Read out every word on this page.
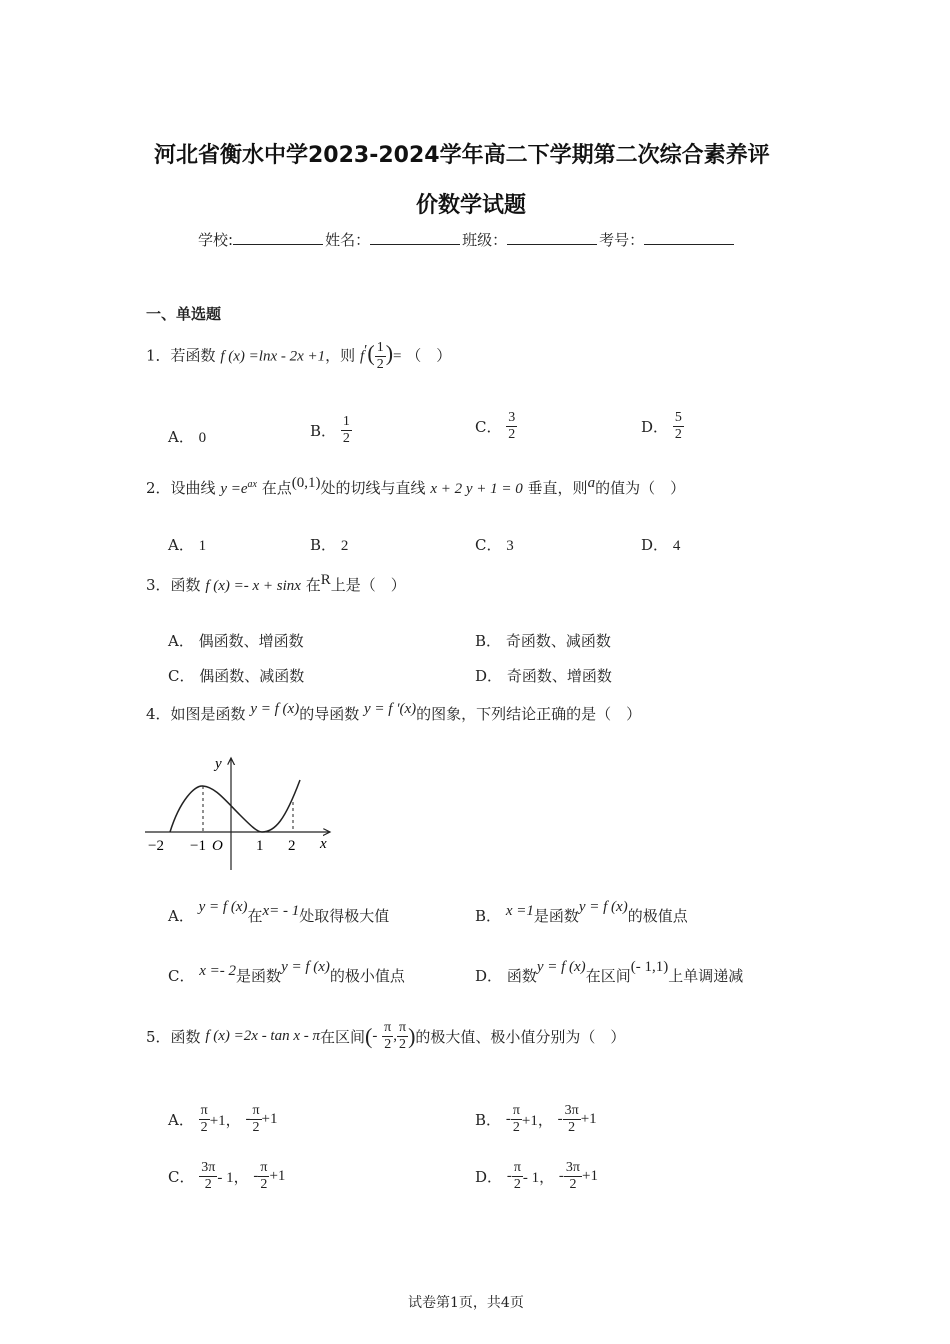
河北省衡水中学2023-2024学年高二下学期第二次综合素养评
价数学试题
学校:	姓名：	班级：	考号：
一、单选题
1．若函数 f (x) =lnx - 2x +1，则 $f'( \frac{1}{2}$ )= （　）
A． 0	B． $\frac{1}{2}$	C． $\frac{3}{2}$	D． $\frac{5}{2}$
2．设曲线 $y =e^{ax}$ 在点(0,1)处的切线与直线 x + 2 y + 1 = 0 垂直，则a的值为（　）
A． 1	B． 2	C． 3	D． 4
3．函数 f (x) =- x + sinx 在R上是（　）
A． 偶函数、增函数	B． 奇函数、减函数
C． 偶函数、减函数	D． 奇函数、增函数
4．如图是函数 y = f (x)的导函数 y = f ′(x)的图象，下列结论正确的是（　）
y
x
O
−2 −1	1 2
A． y = f (x)在x= - 1处取得极大值	B． x =1是函数y = f (x)的极值点
C． x =- 2是函数y = f (x)的极小值点	D． 函数y = f (x)在区间(- 1,1)上单调递减
5．函数 f (x) =2x - tan x - π在区间(- $\frac{\pi}{2}$ , $\frac{\pi}{2}$ )的极大值、极小值分别为（　）
A． $\frac{\pi}{2} +1$， - $\frac{\pi}{2} +1$	B． - $\frac{\pi}{2} +1$， - $\frac{3\pi}{2} +1$
C． $\frac{3\pi}{2} - 1$， - $\frac{\pi}{2} +1$	D． - $\frac{\pi}{2} - 1$， - $\frac{3\pi}{2} +1$
试卷第1页，共4页
